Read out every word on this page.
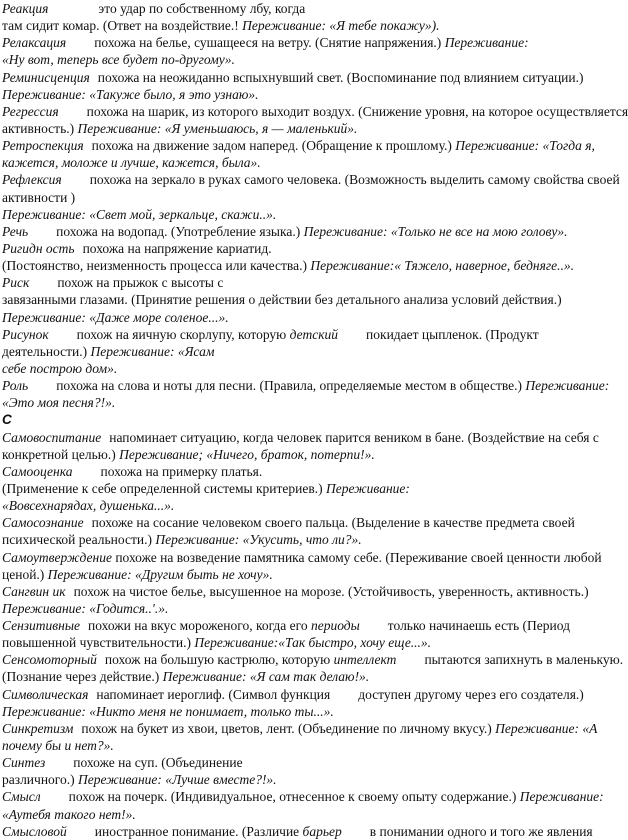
Реакция	это удар по собственному лбу, когда
там сидит комар. (Ответ на воздействие.! Переживание: «Я тебе покажу»).
Релаксация похожа на белье, сушащееся на ветру. (Снятие напряжения.) Переживание:
«Ну вот, теперь все будет по-другому».
Реминисценция похожа на неожиданно вспыхнувший свет. (Воспоминание под влиянием ситуации.)
Переживание: «Такуже было, я это узнаю».
Регрессия похожа на шарик, из которого выходит воздух. (Снижение уровня, на которое осуществляется
активность.) Переживание: «Я уменьшаюсь, я — маленький».
Ретроспекция похожа на движение задом наперед. (Обращение к прошлому.) Переживание: «Тогда я,
кажется, моложе и лучше, кажется, была».
Рефлексия похожа на зеркало в руках самого человека. (Возможность выделить самому свойства своей
активности )
Переживание: «Свет мой, зеркальце, скажи..».
Речь похожа на водопад. (Употребление языка.) Переживание: «Только не все на мою голову».
Ригидн ость похожа на напряжение кариатид.
(Постоянство, неизменность процесса или качества.) Переживание:« Тяжело, наверное, бедняге..».
Риск похож на прыжок с высоты с
завязанными глазами. (Принятие решения о действии без детального анализа условий действия.)
Переживание: «Даже море соленое...».
Рисунок похож на яичную скорлупу, которую детский покидает цыпленок. (Продукт
деятельности.) Переживание: «Ясам
себе построю дом».
Роль похожа на слова и ноты для песни. (Правила, определяемые местом в обществе.) Переживание:
«Это моя песня?!».
С
Самовоспитание напоминает ситуацию, когда человек парится веником в бане. (Воздействие на себя с
конкретной целью.) Переживание; «Ничего, браток, потерпи!».
Самооценка похожа на примерку платья.
(Применение к себе определенной системы критериев.) Переживание:
«Вовсехнарядах, душенька...».
Самосознание похоже на сосание человеком своего пальца. (Выделение в качестве предмета своей
психической реальности.) Переживание: «Укусить, что ли?».
Самоутверждение похоже на возведение памятника самому себе. (Переживание своей ценности любой
ценой.) Переживание: «Другим быть не хочу».
Сангвин ик похож на чистое белье, высушенное на морозе. (Устойчивость, уверенность, активность.)
Переживание: «Годится..'.».
Сензитивные похожи на вкус мороженого, когда его периоды только начинаешь есть (Период
повышенной чувствительности.) Переживание:«Так быстро, хочу еще...».
Сенсомоторный похож на большую кастрюлю, которую интеллект пытаются запихнуть в маленькую.
(Познание через действие.) Переживание: «Я сам так делаю!».
Символическая напоминает иероглиф. (Символ функция доступен другому через его создателя.)
Переживание: «Никто меня не понимает, только ты...».
Синкретизм похож на букет из хвои, цветов, лент. (Объединение по личному вкусу.) Переживание: «А
почему бы и нет?».
Синтез похоже на суп. (Объединение
различного.) Переживание: «Лучше вместе?!».
Смысл похож на почерк. (Индивидуальное, отнесенное к своему опыту содержание.) Переживание:
«Аутебя такого нет!».
Смысловой иностранное понимание. (Различие барьер в понимании одного и того же явления
